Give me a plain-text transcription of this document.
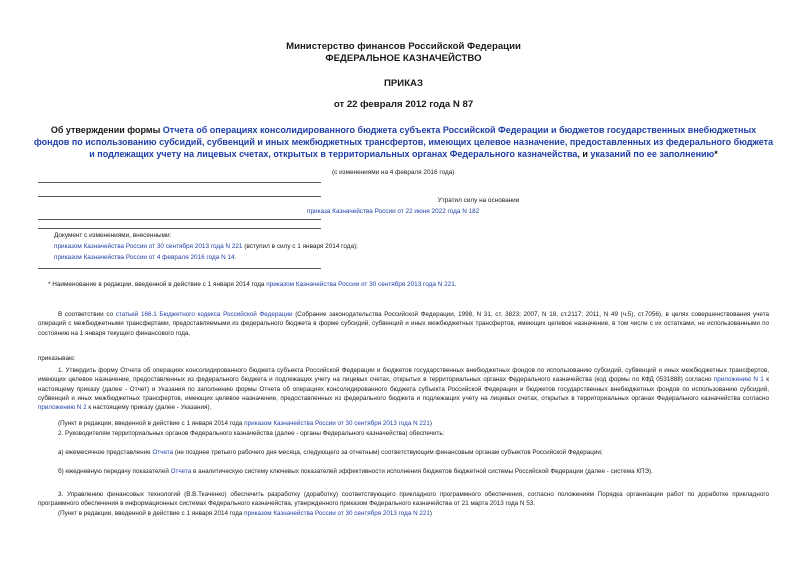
Министерство финансов Российской Федерации
ФЕДЕРАЛЬНОЕ КАЗНАЧЕЙСТВО
ПРИКАЗ
от 22 февраля 2012 года N 87
Об утверждении формы Отчета об операциях консолидированного бюджета субъекта Российской Федерации и бюджетов государственных внебюджетных фондов по использованию субсидий, субвенций и иных межбюджетных трансфертов, имеющих целевое назначение, предоставленных из федерального бюджета и подлежащих учету на лицевых счетах, открытых в территориальных органах Федерального казначейства, и указаний по ее заполнению*
(с изменениями на 4 февраля 2016 года)
Утратил силу на основании
приказа Казначейства России от 22 июня 2022 года N 182
Документ с изменениями, внесенными:
приказом Казначейства России от 30 сентября 2013 года N 221 (вступил в силу с 1 января 2014 года);
приказом Казначейства России от 4 февраля 2016 года N 14.
* Наименование в редакции, введенной в действие с 1 января 2014 года приказом Казначейства России от 30 сентября 2013 года N 221.
В соответствии со статьей 166.1 Бюджетного кодекса Российской Федерации (Собрание законодательства Российской Федерации, 1998, N 31, ст. 3823; 2007, N 18, ст.2117; 2011, N 49 (ч.5), ст.7056), в целях совершенствования учета операций с межбюджетными трансфертами, предоставляемыми из федерального бюджета в форме субсидий, субвенций и иных межбюджетных трансфертов, имеющих целевое назначение, в том числе с их остатками, не использованными по состоянию на 1 января текущего финансового года,
приказываю:
1. Утвердить форму Отчета об операциях консолидированного бюджета субъекта Российской Федерации и бюджетов государственных внебюджетных фондов по использованию субсидий, субвенций и иных межбюджетных трансфертов, имеющих целевое назначение, предоставленных из федерального бюджета и подлежащих учету на лицевых счетах, открытых в территориальных органах Федерального казначейства (код формы по КФД 0531888) согласно приложению N 1 к настоящему приказу (далее - Отчет) и Указания по заполнению формы Отчета об операциях консолидированного бюджета субъекта Российской Федерации и бюджетов государственных внебюджетных фондов по использованию субсидий, субвенций и иных межбюджетных трансфертов, имеющих целевое назначение, предоставленных из федерального бюджета и подлежащих учету на лицевых счетах, открытых в территориальных органах Федерального казначейства согласно приложению N 2 к настоящему приказу (далее - Указания).
(Пункт в редакции, введенной в действие с 1 января 2014 года приказом Казначейства России от 30 сентября 2013 года N 221)
2. Руководителям территориальных органов Федерального казначейства (далее - органы Федерального казначейства) обеспечить:
а) ежемесячное представление Отчета (не позднее третьего рабочего дня месяца, следующего за отчетным) соответствующим финансовым органам субъектов Российской Федерации;
б) ежедневную передачу показателей Отчета в аналитическую систему ключевых показателей эффективности исполнения бюджетов бюджетной системы Российской Федерации (далее - система КПЭ).
3. Управлению финансовых технологий (В.В.Ткаченко) обеспечить разработку (доработку) соответствующего прикладного программного обеспечения, согласно положениям Порядка организации работ по доработке прикладного программного обеспечения в информационных системах Федерального казначейства, утвержденного приказом Федерального казначейства от 21 марта 2013 года N 53.
(Пункт в редакции, введенной в действие с 1 января 2014 года приказом Казначейства России от 30 сентября 2013 года N 221)
